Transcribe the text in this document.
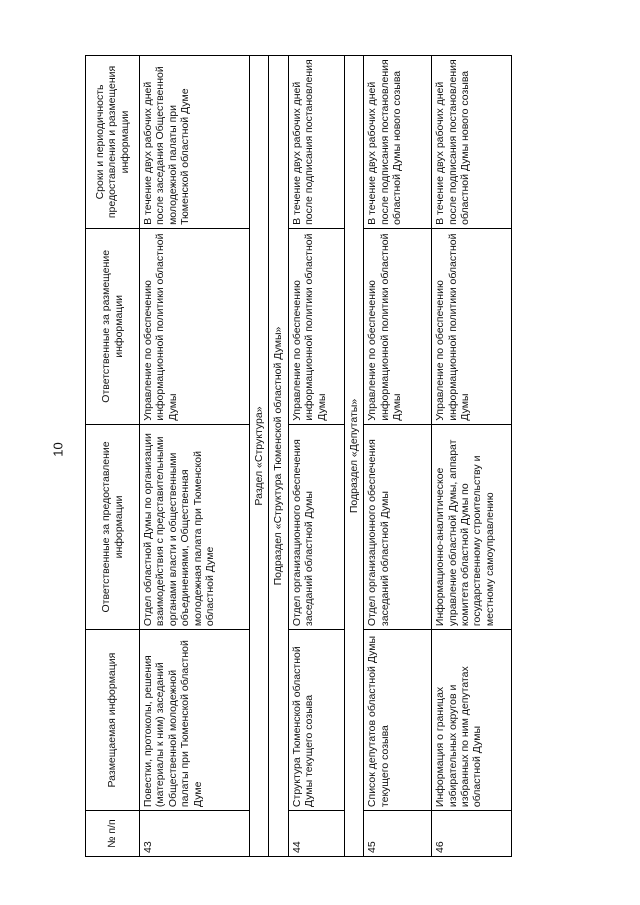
10
№ п/п	Размещаемая информация	Ответственные за предоставление информации	Ответственные за размещение информации	Сроки и периодичность предоставления и размещения информации
43	Повестки, протоколы, решения (материалы к ним) заседаний Общественной молодежной палаты при Тюменской областной Думе	Отдел областной Думы по организации взаимодействия с представительными органами власти и общественными объединениями, Общественная молодежная палата при Тюменской областной Думе	Управление по обеспечению информационной политики областной Думы	В течение двух рабочих дней после заседания Общественной молодежной палаты при Тюменской областной Думе
Раздел «Структура»				
Подраздел «Структура Тюменской областной Думы»				
44	Структура Тюменской областной Думы текущего созыва	Отдел организационного обеспечения заседаний областной Думы	Управление по обеспечению информационной политики областной Думы	В течение двух рабочих дней после подписания постановления
Подраздел «Депутаты»				
45	Список депутатов областной Думы текущего созыва	Отдел организационного обеспечения заседаний областной Думы	Управление по обеспечению информационной политики областной Думы	В течение двух рабочих дней после подписания постановления областной Думы нового созыва
46	Информация о границах избирательных округов и избранных по ним депутатах областной Думы	Информационно-аналитическое управление областной Думы, аппарат комитета областной Думы по государственному строительству и местному самоуправлению	Управление по обеспечению информационной политики областной Думы	В течение двух рабочих дней после подписания постановления областной Думы нового созыва
